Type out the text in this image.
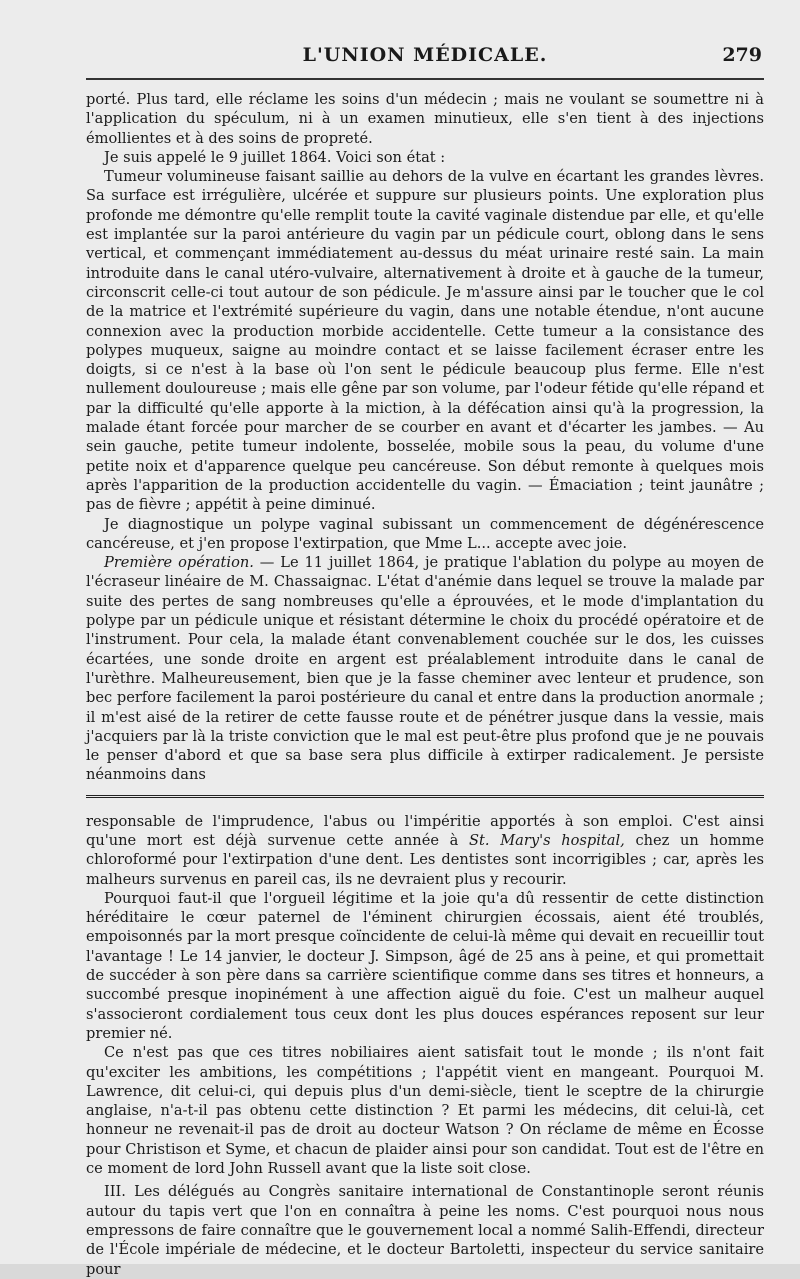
L'UNION MÉDICALE.	279

porté. Plus tard, elle réclame les soins d'un médecin ; mais ne voulant se soumettre ni à l'application du spéculum, ni à un examen minutieux, elle s'en tient à des injections émollientes et à des soins de propreté.

Je suis appelé le 9 juillet 1864. Voici son état :

Tumeur volumineuse faisant saillie au dehors de la vulve en écartant les grandes lèvres. Sa surface est irrégulière, ulcérée et suppure sur plusieurs points. Une exploration plus profonde me démontre qu'elle remplit toute la cavité vaginale distendue par elle, et qu'elle est implantée sur la paroi antérieure du vagin par un pédicule court, oblong dans le sens vertical, et commençant immédiatement au-dessus du méat urinaire resté sain. La main introduite dans le canal utéro-vulvaire, alternativement à droite et à gauche de la tumeur, circonscrit celle-ci tout autour de son pédicule. Je m'assure ainsi par le toucher que le col de la matrice et l'extrémité supérieure du vagin, dans une notable étendue, n'ont aucune connexion avec la production morbide accidentelle. Cette tumeur a la consistance des polypes muqueux, saigne au moindre contact et se laisse facilement écraser entre les doigts, si ce n'est à la base où l'on sent le pédicule beaucoup plus ferme. Elle n'est nullement douloureuse ; mais elle gêne par son volume, par l'odeur fétide qu'elle répand et par la difficulté qu'elle apporte à la miction, à la défécation ainsi qu'à la progression, la malade étant forcée pour marcher de se courber en avant et d'écarter les jambes. — Au sein gauche, petite tumeur indolente, bosselée, mobile sous la peau, du volume d'une petite noix et d'apparence quelque peu cancéreuse. Son début remonte à quelques mois après l'apparition de la production accidentelle du vagin. — Émaciation ; teint jaunâtre ; pas de fièvre ; appétit à peine diminué.

Je diagnostique un polype vaginal subissant un commencement de dégénérescence cancéreuse, et j'en propose l'extirpation, que Mme L... accepte avec joie.

Première opération. — Le 11 juillet 1864, je pratique l'ablation du polype au moyen de l'écraseur linéaire de M. Chassaignac. L'état d'anémie dans lequel se trouve la malade par suite des pertes de sang nombreuses qu'elle a éprouvées, et le mode d'implantation du polype par un pédicule unique et résistant détermine le choix du procédé opératoire et de l'instrument. Pour cela, la malade étant convenablement couchée sur le dos, les cuisses écartées, une sonde droite en argent est préalablement introduite dans le canal de l'urèthre. Malheureusement, bien que je la fasse cheminer avec lenteur et prudence, son bec perfore facilement la paroi postérieure du canal et entre dans la production anormale ; il m'est aisé de la retirer de cette fausse route et de pénétrer jusque dans la vessie, mais j'acquiers par là la triste conviction que le mal est peut-être plus profond que je ne pouvais le penser d'abord et que sa base sera plus difficile à extirper radicalement. Je persiste néanmoins dans

responsable de l'imprudence, l'abus ou l'impéritie apportés à son emploi. C'est ainsi qu'une mort est déjà survenue cette année à St. Mary's hospital, chez un homme chloroformé pour l'extirpation d'une dent. Les dentistes sont incorrigibles ; car, après les malheurs survenus en pareil cas, ils ne devraient plus y recourir.

Pourquoi faut-il que l'orgueil légitime et la joie qu'a dû ressentir de cette distinction héréditaire le cœur paternel de l'éminent chirurgien écossais, aient été troublés, empoisonnés par la mort presque coïncidente de celui-là même qui devait en recueillir tout l'avantage ! Le 14 janvier, le docteur J. Simpson, âgé de 25 ans à peine, et qui promettait de succéder à son père dans sa carrière scientifique comme dans ses titres et honneurs, a succombé presque inopinément à une affection aiguë du foie. C'est un malheur auquel s'associeront cordialement tous ceux dont les plus douces espérances reposent sur leur premier né.

Ce n'est pas que ces titres nobiliaires aient satisfait tout le monde ; ils n'ont fait qu'exciter les ambitions, les compétitions ; l'appétit vient en mangeant. Pourquoi M. Lawrence, dit celui-ci, qui depuis plus d'un demi-siècle, tient le sceptre de la chirurgie anglaise, n'a-t-il pas obtenu cette distinction ? Et parmi les médecins, dit celui-là, cet honneur ne revenait-il pas de droit au docteur Watson ? On réclame de même en Écosse pour Christison et Syme, et chacun de plaider ainsi pour son candidat. Tout est de l'être en ce moment de lord John Russell avant que la liste soit close.

III. Les délégués au Congrès sanitaire international de Constantinople seront réunis autour du tapis vert que l'on en connaîtra à peine les noms. C'est pourquoi nous nous empressons de faire connaître que le gouvernement local a nommé Salih-Effendi, directeur de l'École impériale de médecine, et le docteur Bartoletti, inspecteur du service sanitaire pour
